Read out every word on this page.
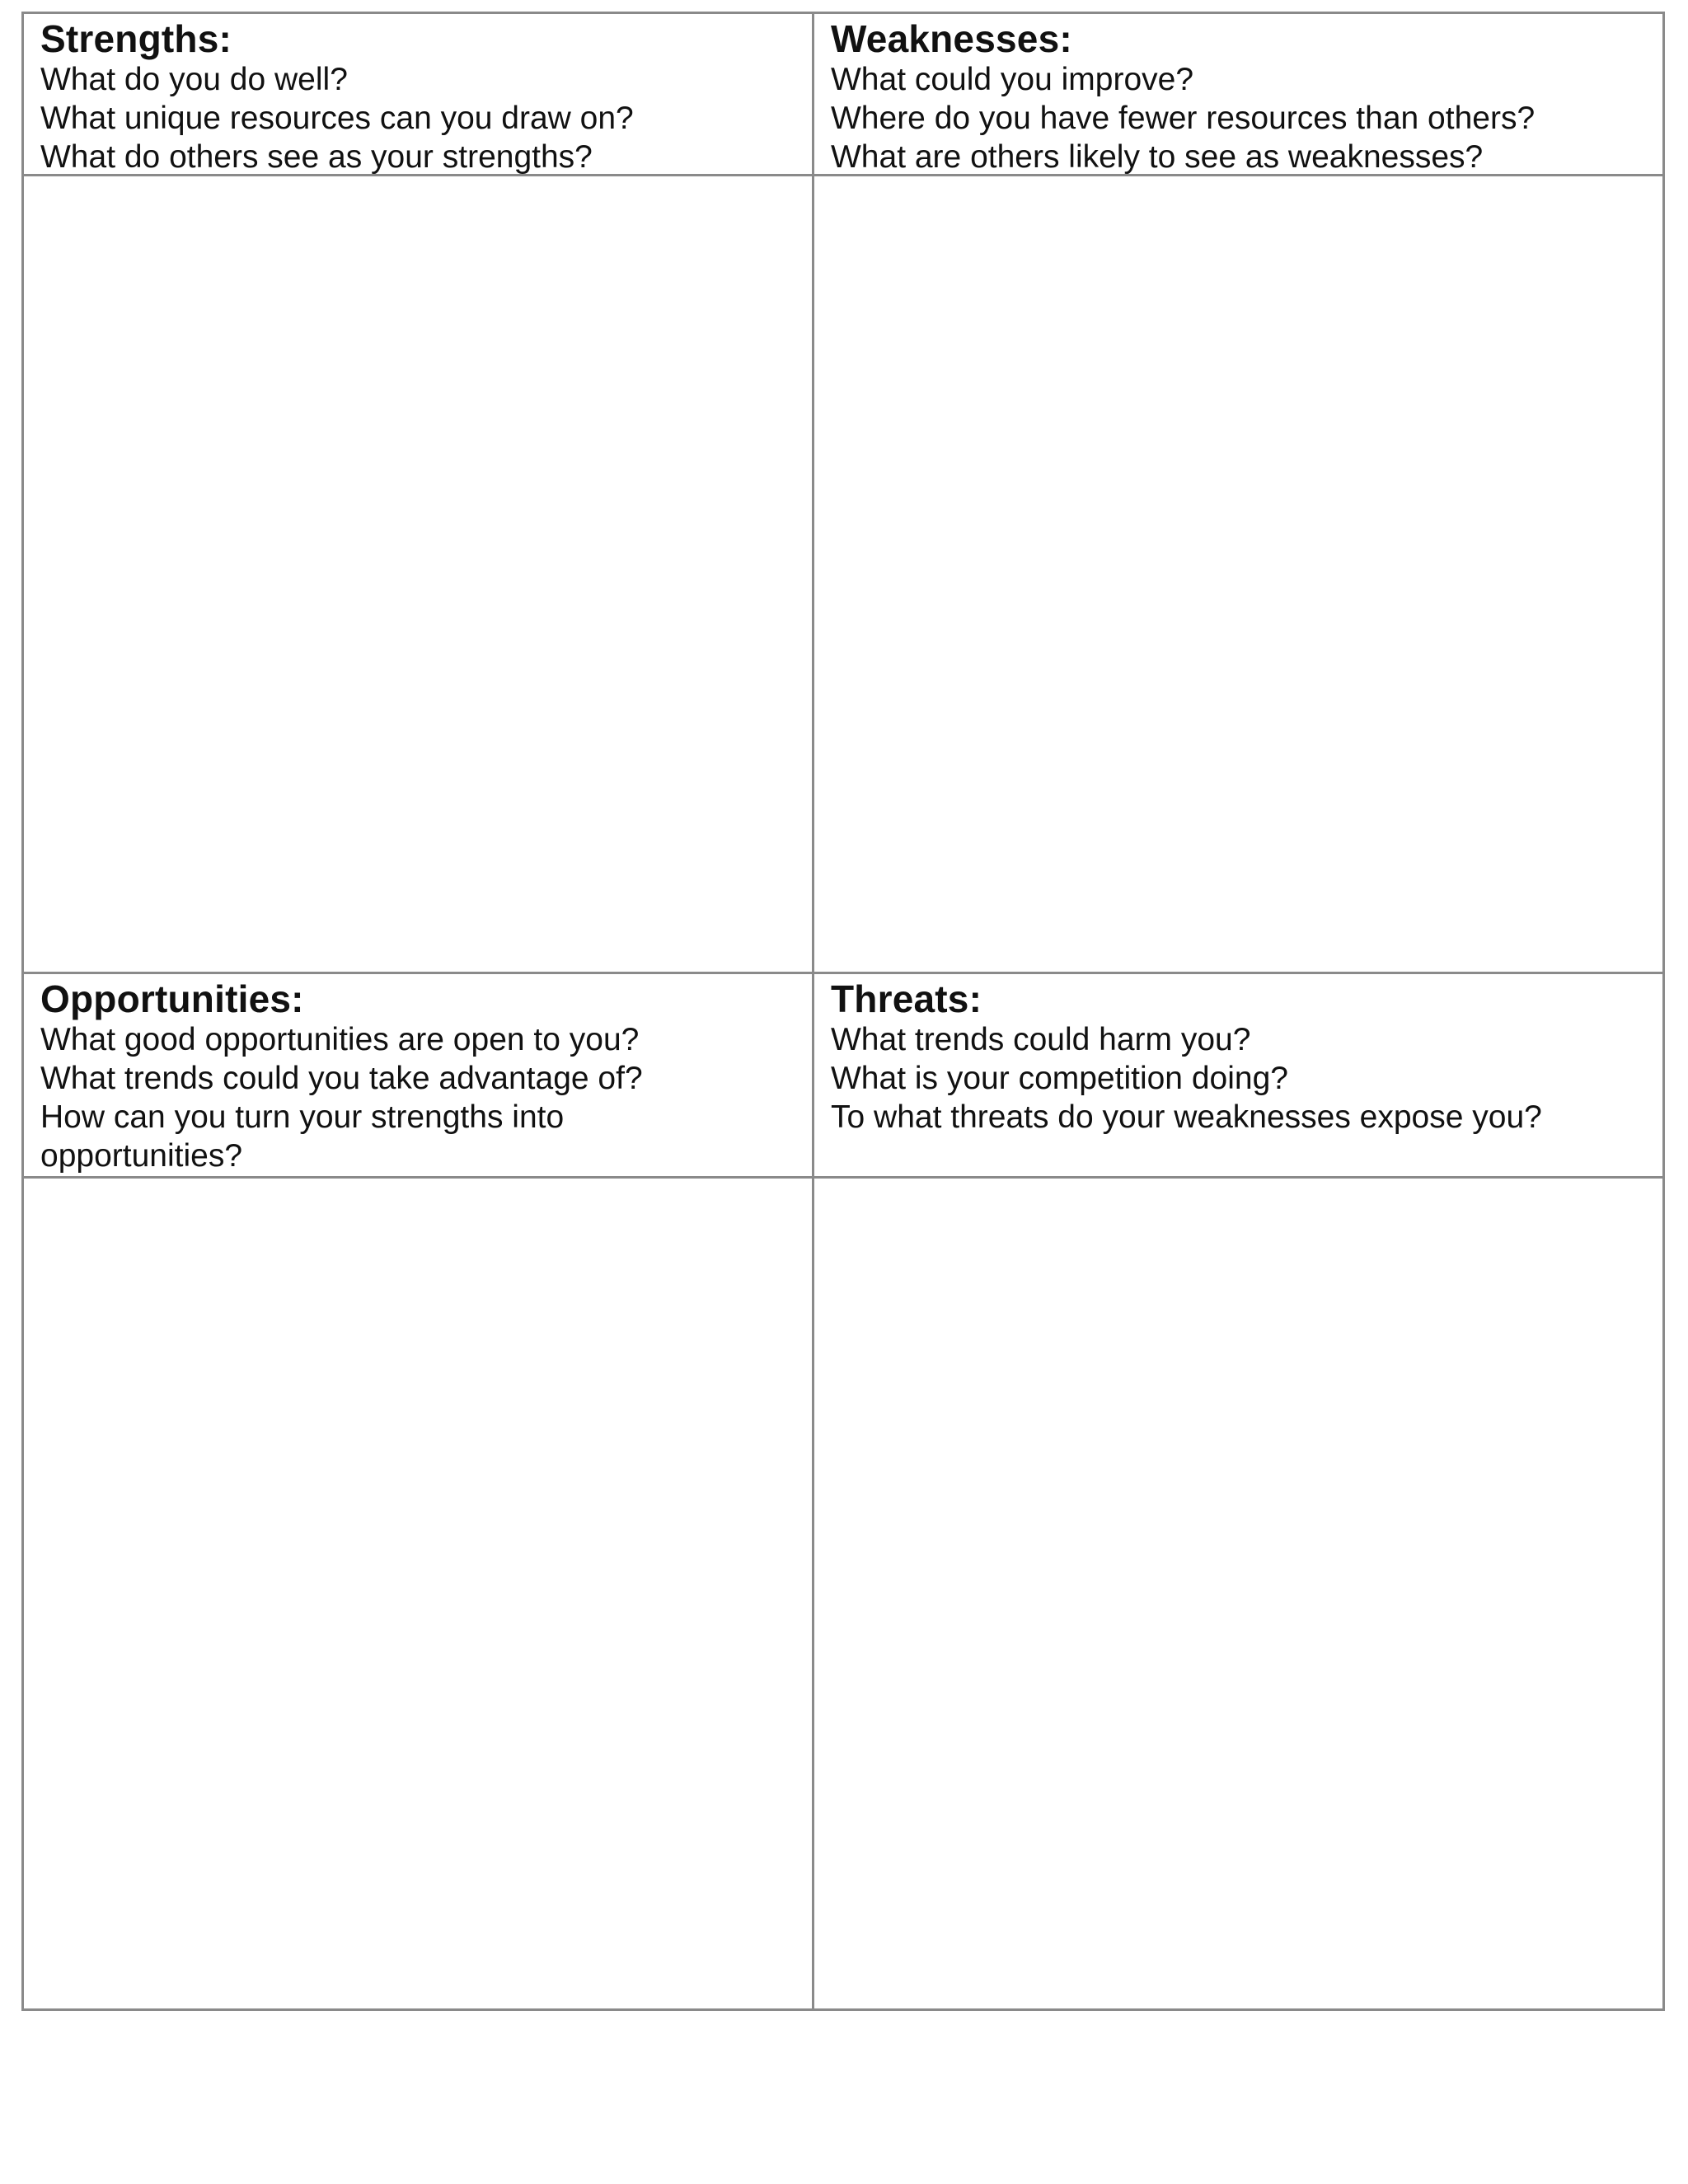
Strengths:
What do you do well?
What unique resources can you draw on?
What do others see as your strengths?
Weaknesses:
What could you improve?
Where do you have fewer resources than others?
What are others likely to see as weaknesses?
Opportunities:
What good opportunities are open to you?
What trends could you take advantage of?
How can you turn your strengths into opportunities?
Threats:
What trends could harm you?
What is your competition doing?
To what threats do your weaknesses expose you?
